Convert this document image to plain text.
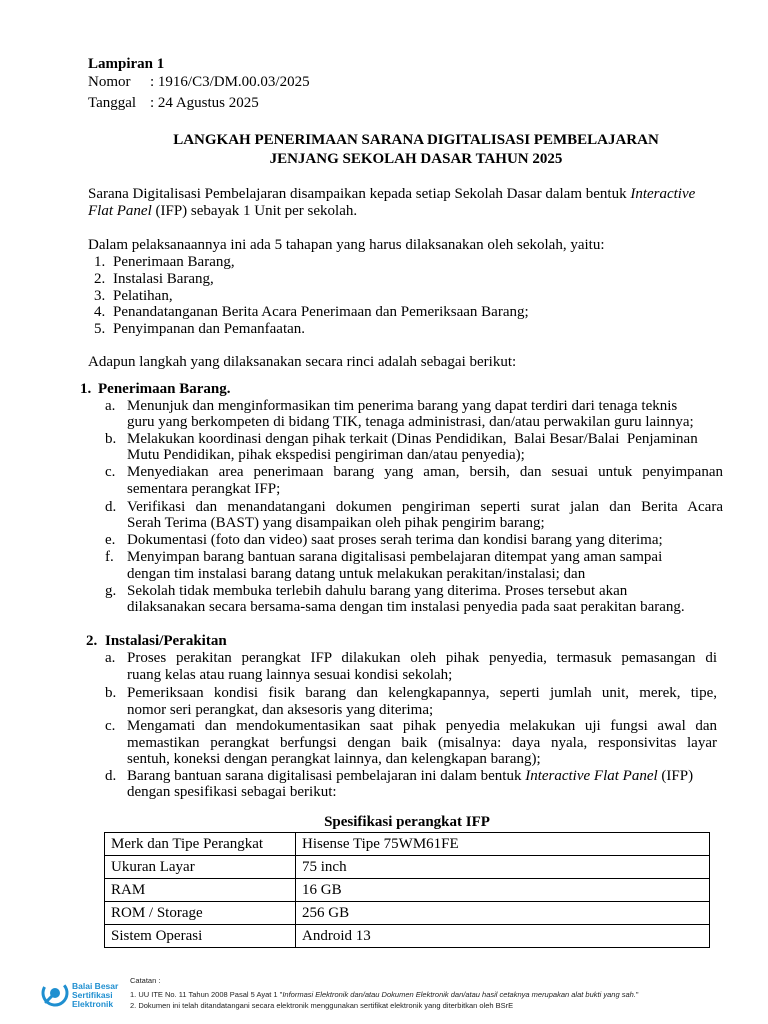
Lampiran 1
Nomor : 1916/C3/DM.00.03/2025
Tanggal : 24 Agustus 2025
LANGKAH PENERIMAAN SARANA DIGITALISASI PEMBELAJARAN
JENJANG SEKOLAH DASAR TAHUN 2025
Sarana Digitalisasi Pembelajaran disampaikan kepada setiap Sekolah Dasar dalam bentuk Interactive
Flat Panel (IFP) sebayak 1 Unit per sekolah.
Dalam pelaksanaannya ini ada 5 tahapan yang harus dilaksanakan oleh sekolah, yaitu:
1. Penerimaan Barang,
2. Instalasi Barang,
3. Pelatihan,
4. Penandatanganan Berita Acara Penerimaan dan Pemeriksaan Barang;
5. Penyimpanan dan Pemanfaatan.
Adapun langkah yang dilaksanakan secara rinci adalah sebagai berikut:
1. Penerimaan Barang.
a. Menunjuk dan menginformasikan tim penerima barang yang dapat terdiri dari tenaga teknis
guru yang berkompeten di bidang TIK, tenaga administrasi, dan/atau perwakilan guru lainnya;
b. Melakukan koordinasi dengan pihak terkait (Dinas Pendidikan,  Balai Besar/Balai  Penjaminan
Mutu Pendidikan, pihak ekspedisi pengiriman dan/atau penyedia);
c. Menyediakan area penerimaan barang yang aman, bersih, dan sesuai untuk penyimpanan
sementara perangkat IFP;
d. Verifikasi dan menandatangani dokumen pengiriman seperti surat jalan dan Berita Acara
Serah Terima (BAST) yang disampaikan oleh pihak pengirim barang;
e. Dokumentasi (foto dan video) saat proses serah terima dan kondisi barang yang diterima;
f. Menyimpan barang bantuan sarana digitalisasi pembelajaran ditempat yang aman sampai
dengan tim instalasi barang datang untuk melakukan perakitan/instalasi; dan
g. Sekolah tidak membuka terlebih dahulu barang yang diterima. Proses tersebut akan
dilaksanakan secara bersama-sama dengan tim instalasi penyedia pada saat perakitan barang.
2. Instalasi/Perakitan
a. Proses perakitan perangkat IFP dilakukan oleh pihak penyedia, termasuk pemasangan di
ruang kelas atau ruang lainnya sesuai kondisi sekolah;
b. Pemeriksaan kondisi fisik barang dan kelengkapannya, seperti jumlah unit, merek, tipe,
nomor seri perangkat, dan aksesoris yang diterima;
c. Mengamati dan mendokumentasikan saat pihak penyedia melakukan uji fungsi awal dan
memastikan perangkat berfungsi dengan baik (misalnya: daya nyala, responsivitas layar
sentuh, koneksi dengan perangkat lainnya, dan kelengkapan barang);
d. Barang bantuan sarana digitalisasi pembelajaran ini dalam bentuk Interactive Flat Panel (IFP)
dengan spesifikasi sebagai berikut:
Spesifikasi perangkat IFP
Merk dan Tipe Perangkat	Hisense Tipe 75WM61FE
Ukuran Layar	75 inch
RAM	16 GB
ROM / Storage	256 GB
Sistem Operasi	Android 13
Balai Besar
Sertifikasi
Elektronik
Catatan :
1. UU ITE No. 11 Tahun 2008 Pasal 5 Ayat 1 "Informasi Elektronik dan/atau Dokumen Elektronik dan/atau hasil cetaknya merupakan alat bukti yang sah."
2. Dokumen ini telah ditandatangani secara elektronik menggunakan sertifikat elektronik yang diterbitkan oleh BSrE
